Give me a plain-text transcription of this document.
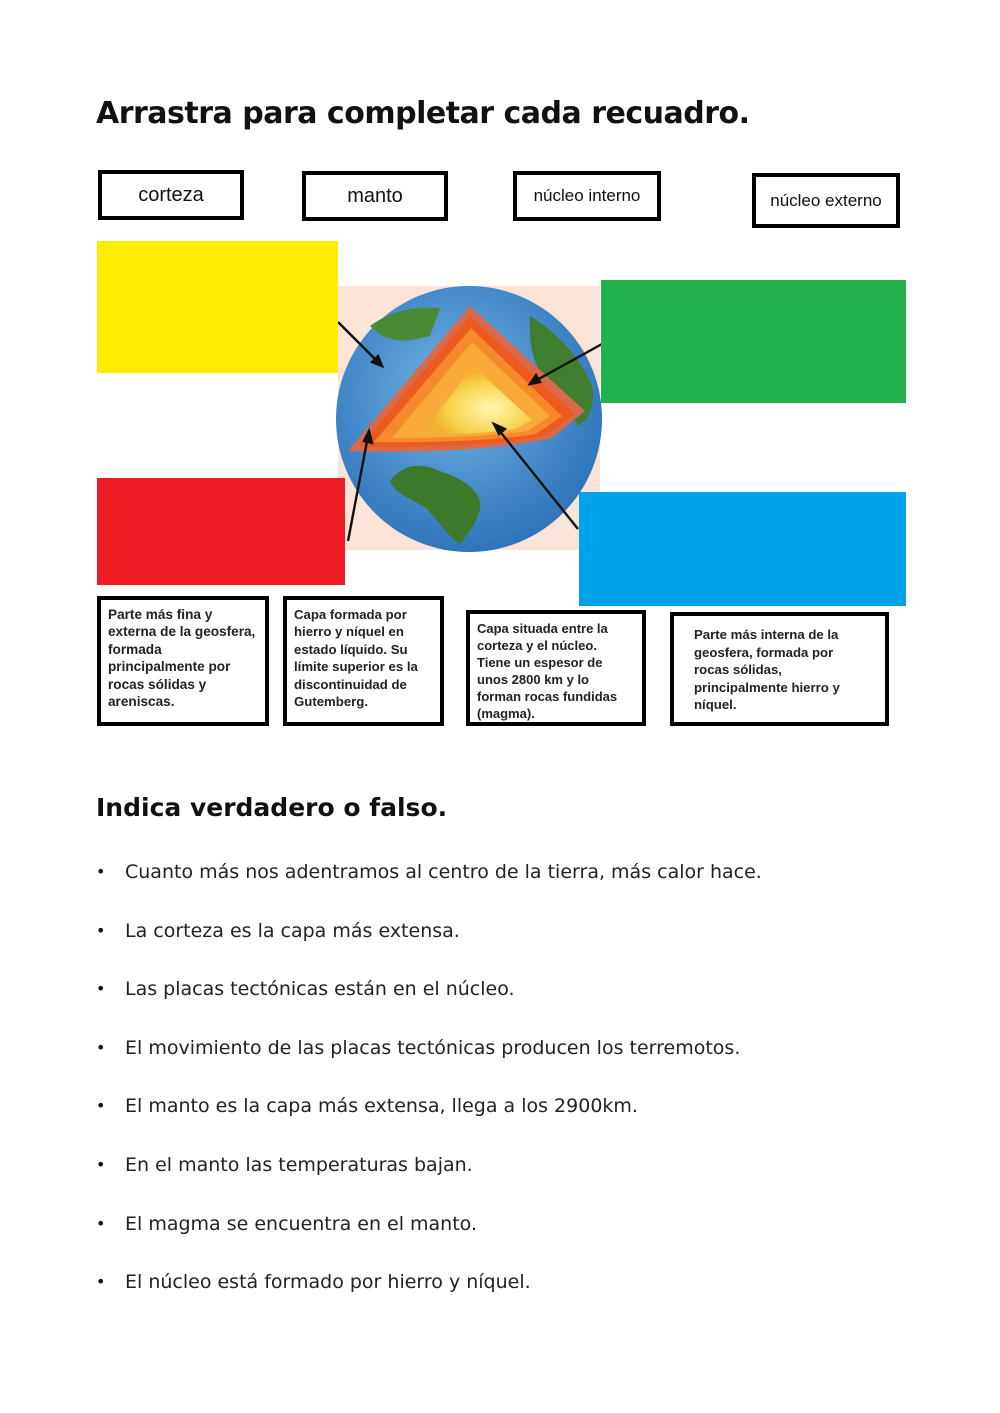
Arrastra para completar cada recuadro.
corteza	manto	núcleo interno	núcleo externo
Parte más fina y externa de la geosfera, formada principalmente por rocas sólidas y areniscas.
Capa formada por hierro y níquel en estado líquido. Su límite superior es la discontinuidad de Gutemberg.
Capa situada entre la corteza y el núcleo. Tiene un espesor de unos 2800 km y lo forman rocas fundidas (magma).
Parte más interna de la geosfera, formada por rocas sólidas, principalmente hierro y níquel.
Indica verdadero o falso.
• Cuanto más nos adentramos al centro de la tierra, más calor hace.
• La corteza es la capa más extensa.
• Las placas tectónicas están en el núcleo.
• El movimiento de las placas tectónicas producen los terremotos.
• El manto es la capa más extensa, llega a los 2900km.
• En el manto las temperaturas bajan.
• El magma se encuentra en el manto.
• El núcleo está formado por hierro y níquel.
